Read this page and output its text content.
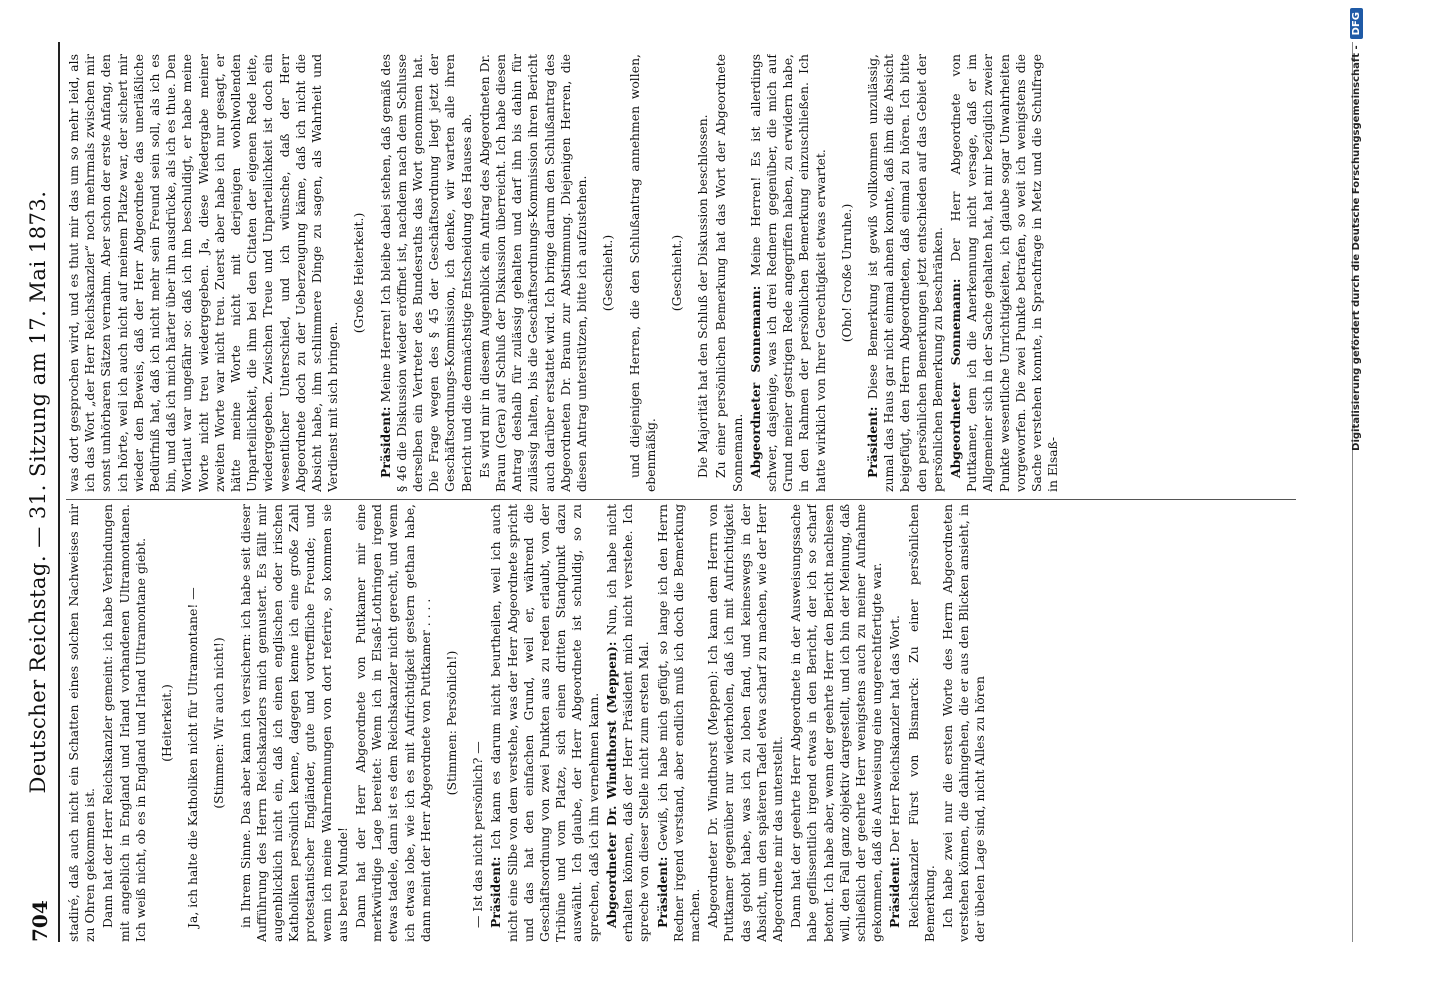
704
Deutscher Reichstag. — 31. Sitzung am 17. Mai 1873. stadiré, daß auch nicht ein Schatten eines solchen Nachweises mir zu Ohren gekommen ist. Dann hat der Herr Reichskanzler gemeint: ich habe Verbindungen mit angeblich in England und Irland vorhandenen Ultramontanen. Ich weiß nicht, ob es in England und Irland Ultramontane giebt. (Heiterkeit.) Ja, ich halte die Katholiken nicht für Ultramontane! — (Stimmen: Wir auch nicht!) in Ihrem Sinne. Das aber kann ich versichern: ich habe seit dieser Aufführung des Herrn Reichskanzlers mich gemustert. Es fällt mir augenblicklich nicht ein, daß ich einen englischen oder irischen Katholiken persönlich kenne, dagegen kenne ich eine große Zahl protestantischer Engländer, gute und vortreffliche Freunde; und wenn ich meine Wahrnehmungen von dort referire, so kommen sie aus bereu Munde! Dann hat der Herr Abgeordnete von Puttkamer mir eine merkwürdige Lage bereitet: Wenn ich in Elsaß-Lothringen irgend etwas tadele, dann ist es dem Reichskanzler nicht gerecht, und wenn ich etwas lobe, wie ich es mit Aufrichtigkeit gestern gethan habe, dann meint der Herr Abgeordnete von Puttkamer . . . . (Stimmen: Persönlich!)

— Ist das nicht persönlich? — Präsident: Ich kann es darum nicht beurtheilen, weil ich auch nicht eine Silbe von dem verstehe, was der Herr Abgeordnete spricht und das hat den einfachen Grund, weil er, während die Geschäftsordnung von zwei Punkten aus zu reden erlaubt, von der Tribüne und vom Platze, sich einen dritten Standpunkt dazu auswählt. Ich glaube, der Herr Abgeordnete ist schuldig, so zu sprechen, daß ich ihn vernehmen kann. Abgeordneter Dr. Windthorst (Meppen): Nun, ich habe nicht erhalten können, daß der Herr Präsident mich nicht verstehe. Ich spreche von dieser Stelle nicht zum ersten Mal. Präsident: Gewiß, ich habe mich gefügt, so lange ich den Herrn Redner irgend verstand, aber endlich muß ich doch die Bemerkung machen. Abgeordneter Dr. Windthorst (Meppen): Ich kann dem Herrn von Puttkamer gegenüber nur wiederholen, daß ich mit Aufrichtigkeit das gelobt habe, was ich zu loben fand, und keineswegs in der Absicht, um den späteren Tadel etwa scharf zu machen, wie der Herr Abgeordnete mir das unterstellt. Dann hat der geehrte Herr Abgeordnete in der Ausweisungssache habe geflissentlich irgend etwas in den Bericht, der ich so scharf betont. Ich habe aber, wenn der geehrte Herr den Bericht nachlesen will, den Fall ganz objektiv dargestellt, und ich bin der Meinung, daß schließlich der geehrte Herr wenigstens auch zu meiner Aufnahme gekommen, daß die Ausweisung eine ungerechtfertigte war. Präsident: Der Herr Reichskanzler hat das Wort. Reichskanzler Fürst von Bismarck: Zu einer persönlichen Bemerkung. Ich habe zwei nur die ersten Worte des Herrn Abgeordneten verstehen können, die dahingehen, die er aus den Blicken ansieht, in der übelen Lage sind, nicht Alles zu hören

was dort gesprochen wird, und es thut mir das um so mehr leid, als ich das Wort „der Herr Reichskanzler“ noch mehrmals zwischen mir sonst unhörbaren Sätzen vernahm. Aber schon der erste Anfang, den ich hörte, weil ich auch nicht auf meinem Platze war, der sichert mir wieder den Beweis, daß der Herr Abgeordnete das unerläßliche Bedürfniß hat, daß ich nicht mehr sein Freund sein soll, als ich es bin, und daß ich mich härter über ihn ausdrücke, als ich es thue. Den Wortlaut war ungefähr so: daß ich ihn beschuldigt, er habe meine Worte nicht treu wiedergegeben. Ja, diese Wiedergabe meiner zweiten Worte war nicht treu. Zuerst aber habe ich nur gesagt, er hätte meine Worte nicht mit derjenigen wohlwollenden Unparteilichkeit, die ihm bei den Citaten der eigenen Rede leite, wiedergegeben. Zwischen Treue und Unparteilichkeit ist doch ein wesentlicher Unterschied, und ich wünsche, daß der Herr Abgeordnete doch zu der Ueberzeugung käme, daß ich nicht die Absicht habe, ihm schlimmere Dinge zu sagen, als Wahrheit und Verdienst mit sich bringen.

(Große Heiterkeit.)

Präsident: Meine Herren! Ich bleibe dabei stehen, daß gemäß des § 46 die Diskussion wieder eröffnet ist, nachdem nach dem Schlusse derselben ein Vertreter des Bundesraths das Wort genommen hat. Die Frage wegen des § 45 der Geschäftsordnung liegt jetzt der Geschäftsordnungs-Kommission, ich denke, wir warten alle ihren Bericht und die demnächstige Entscheidung des Hauses ab. Es wird mir in diesem Augenblick ein Antrag des Abgeordneten Dr. Braun (Gera) auf Schluß der Diskussion überreicht. Ich habe diesen Antrag deshalb für zulässig gehalten und darf ihn bis dahin für zulässig halten, bis die Geschäftsordnungs-Kommission ihren Bericht auch darüber erstattet wird. Ich bringe darum den Schlußantrag des Abgeordneten Dr. Braun zur Abstimmung. Diejenigen Herren, die diesen Antrag unterstützen, bitte ich aufzustehen. (Geschieht.) und diejenigen Herren, die den Schlußantrag annehmen wollen, ebenmäßig.

(Geschieht.) Die Majorität hat den Schluß der Diskussion beschlossen. Zu einer persönlichen Bemerkung hat das Wort der Abgeordnete Sonnemann. Abgeordneter Sonnemann: Meine Herren! Es ist allerdings schwer, dasjenige, was ich drei Rednern gegenüber, die mich auf Grund meiner gestrigen Rede angegriffen haben, zu erwidern habe, in den Rahmen der persönlichen Bemerkung einzuschließen. Ich hatte wirklich von Ihrer Gerechtigkeit etwas erwartet. (Oho! Große Unruhe.)

Präsident: Diese Bemerkung ist gewiß vollkommen unzulässig, zumal das Haus gar nicht einmal ahnen konnte, daß ihm die Absicht beigefügt, den Herrn Abgeordneten, daß einmal zu hören. Ich bitte den persönlichen Bemerkungen jetzt entschieden auf das Gebiet der persönlichen Bemerkung zu beschränken. Abgeordneter Sonnemann: Der Herr Abgeordnete von Puttkamer, dem ich die Anerkennung nicht versage, daß er im Allgemeiner sich in der Sache gehalten hat, hat mir bezüglich zweier Punkte wesentliche Unrichtigkeiten, ich glaube sogar Unwahrheiten vorgeworfen. Die zwei Punkte betrafen, so weit ich wenigstens die Sache verstehen konnte, in Sprachfrage in Metz und die Schulfrage in Elsaß-

Digitalisierung gefördert durch die Deutsche Forschungsgemeinschaft -
DFG
